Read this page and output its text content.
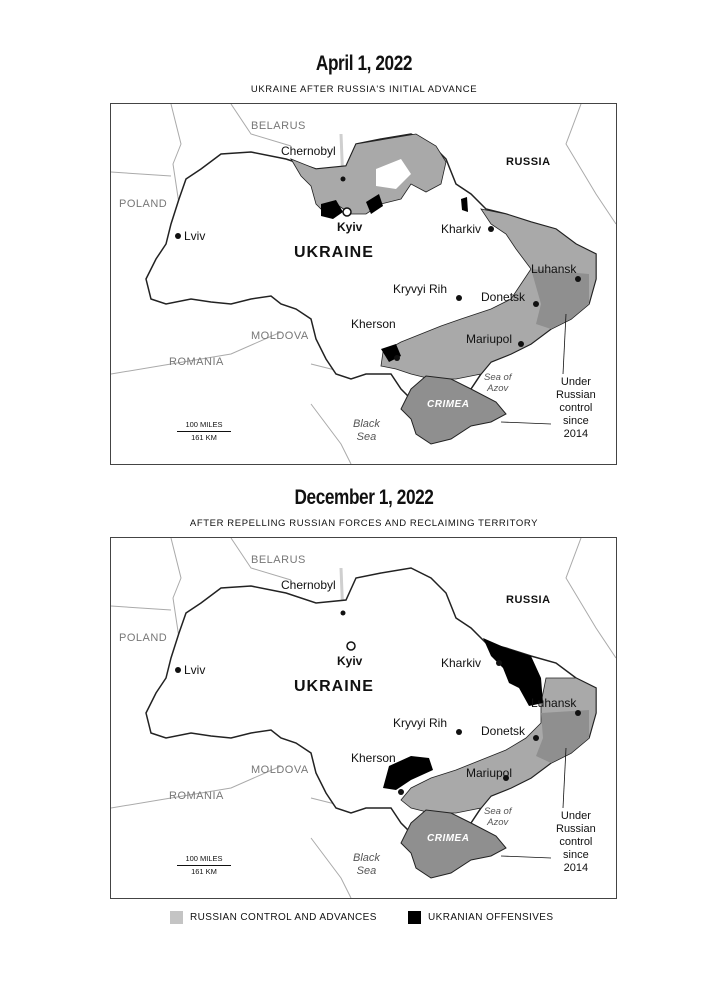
April 1, 2022
UKRAINE AFTER RUSSIA'S INITIAL ADVANCE
BELARUS
RUSSIA
POLAND
MOLDOVA
ROMANIA
UKRAINE
Chernobyl
Kyiv	Kharkiv
Lviv
Luhansk
Kryvyi Rih
Donetsk
Kherson
Mariupol
CRIMEA
Sea of
Azov
Black
Sea
Under
Russian
control
since
2014
100 MILES
161 KM
December 1, 2022
AFTER REPELLING RUSSIAN FORCES AND RECLAIMING TERRITORY
BELARUS
RUSSIA
POLAND
MOLDOVA
ROMANIA
UKRAINE
Chernobyl
Kyiv	Kharkiv
Lviv
Luhansk
Kryvyi Rih
Donetsk
Kherson
Mariupol
CRIMEA
Sea of
Azov
Black
Sea
Under
Russian
control
since
2014
100 MILES
161 KM
RUSSIAN CONTROL AND ADVANCES	UKRANIAN OFFENSIVES
